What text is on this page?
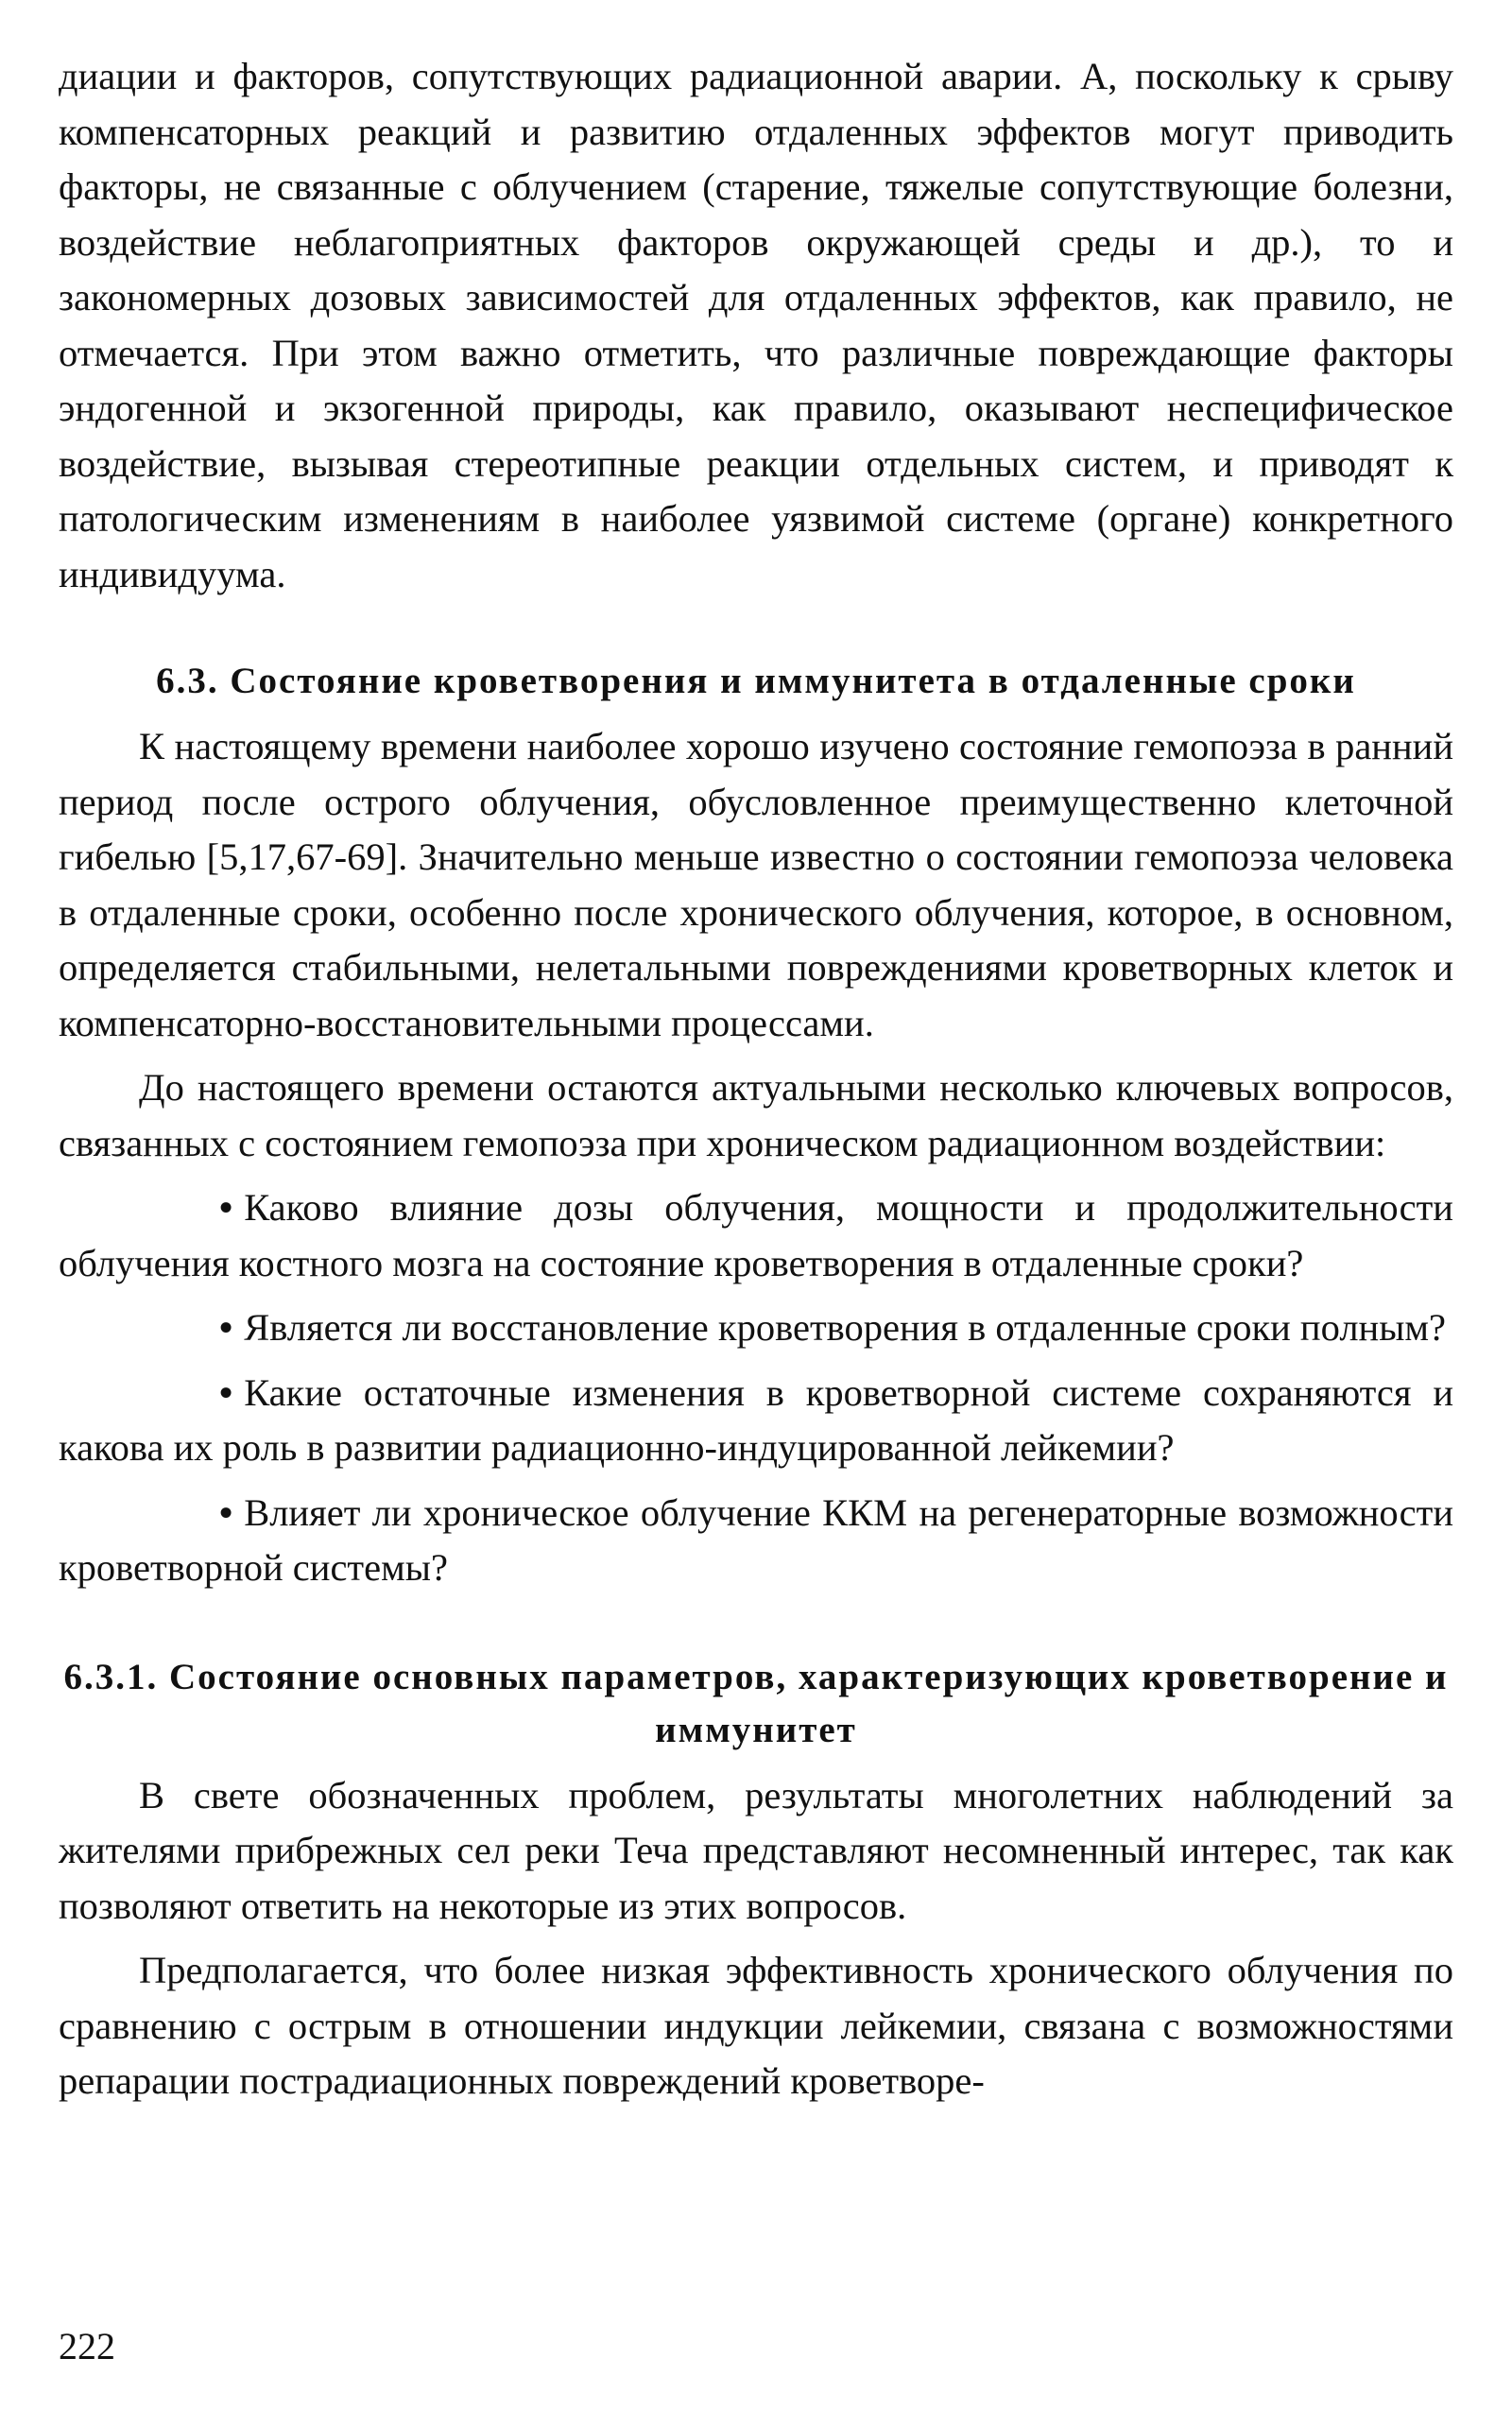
диации и факторов, сопутствующих радиационной аварии. А, поскольку к срыву компенсаторных реакций и развитию отдаленных эффектов могут приводить факторы, не связанные с облучением (старение, тяжелые сопутствующие болезни, воздействие неблагоприятных факторов окружающей среды и др.), то и закономерных дозовых зависимостей для отдаленных эффектов, как правило, не отмечается. При этом важно отметить, что различные повреждающие факторы эндогенной и экзогенной природы, как правило, оказывают неспецифическое воздействие, вызывая стереотипные реакции отдельных систем, и приводят к патологическим изменениям в наиболее уязвимой системе (органе) конкретного индивидуума.

6.3. Состояние кроветворения и иммунитета в отдаленные сроки

К настоящему времени наиболее хорошо изучено состояние гемопоэза в ранний период после острого облучения, обусловленное преимущественно клеточной гибелью [5,17,67-69]. Значительно меньше известно о состоянии гемопоэза человека в отдаленные сроки, особенно после хронического облучения, которое, в основном, определяется стабильными, нелетальными повреждениями кроветворных клеток и компенсаторно-восстановительными процессами.

До настоящего времени остаются актуальными несколько ключевых вопросов, связанных с состоянием гемопоэза при хроническом радиационном воздействии:

• Каково влияние дозы облучения, мощности и продолжительности облучения костного мозга на состояние кроветворения в отдаленные сроки?

• Является ли восстановление кроветворения в отдаленные сроки полным?

• Какие остаточные изменения в кроветворной системе сохраняются и какова их роль в развитии радиационно-индуцированной лейкемии?

• Влияет ли хроническое облучение ККМ на регенераторные возможности кроветворной системы?

6.3.1. Состояние основных параметров, характеризующих кроветворение и иммунитет

В свете обозначенных проблем, результаты многолетних наблюдений за жителями прибрежных сел реки Теча представляют несомненный интерес, так как позволяют ответить на некоторые из этих вопросов.

Предполагается, что более низкая эффективность хронического облучения по сравнению с острым в отношении индукции лейкемии, связана с возможностями репарации пострадиационных повреждений кроветворе-

222
